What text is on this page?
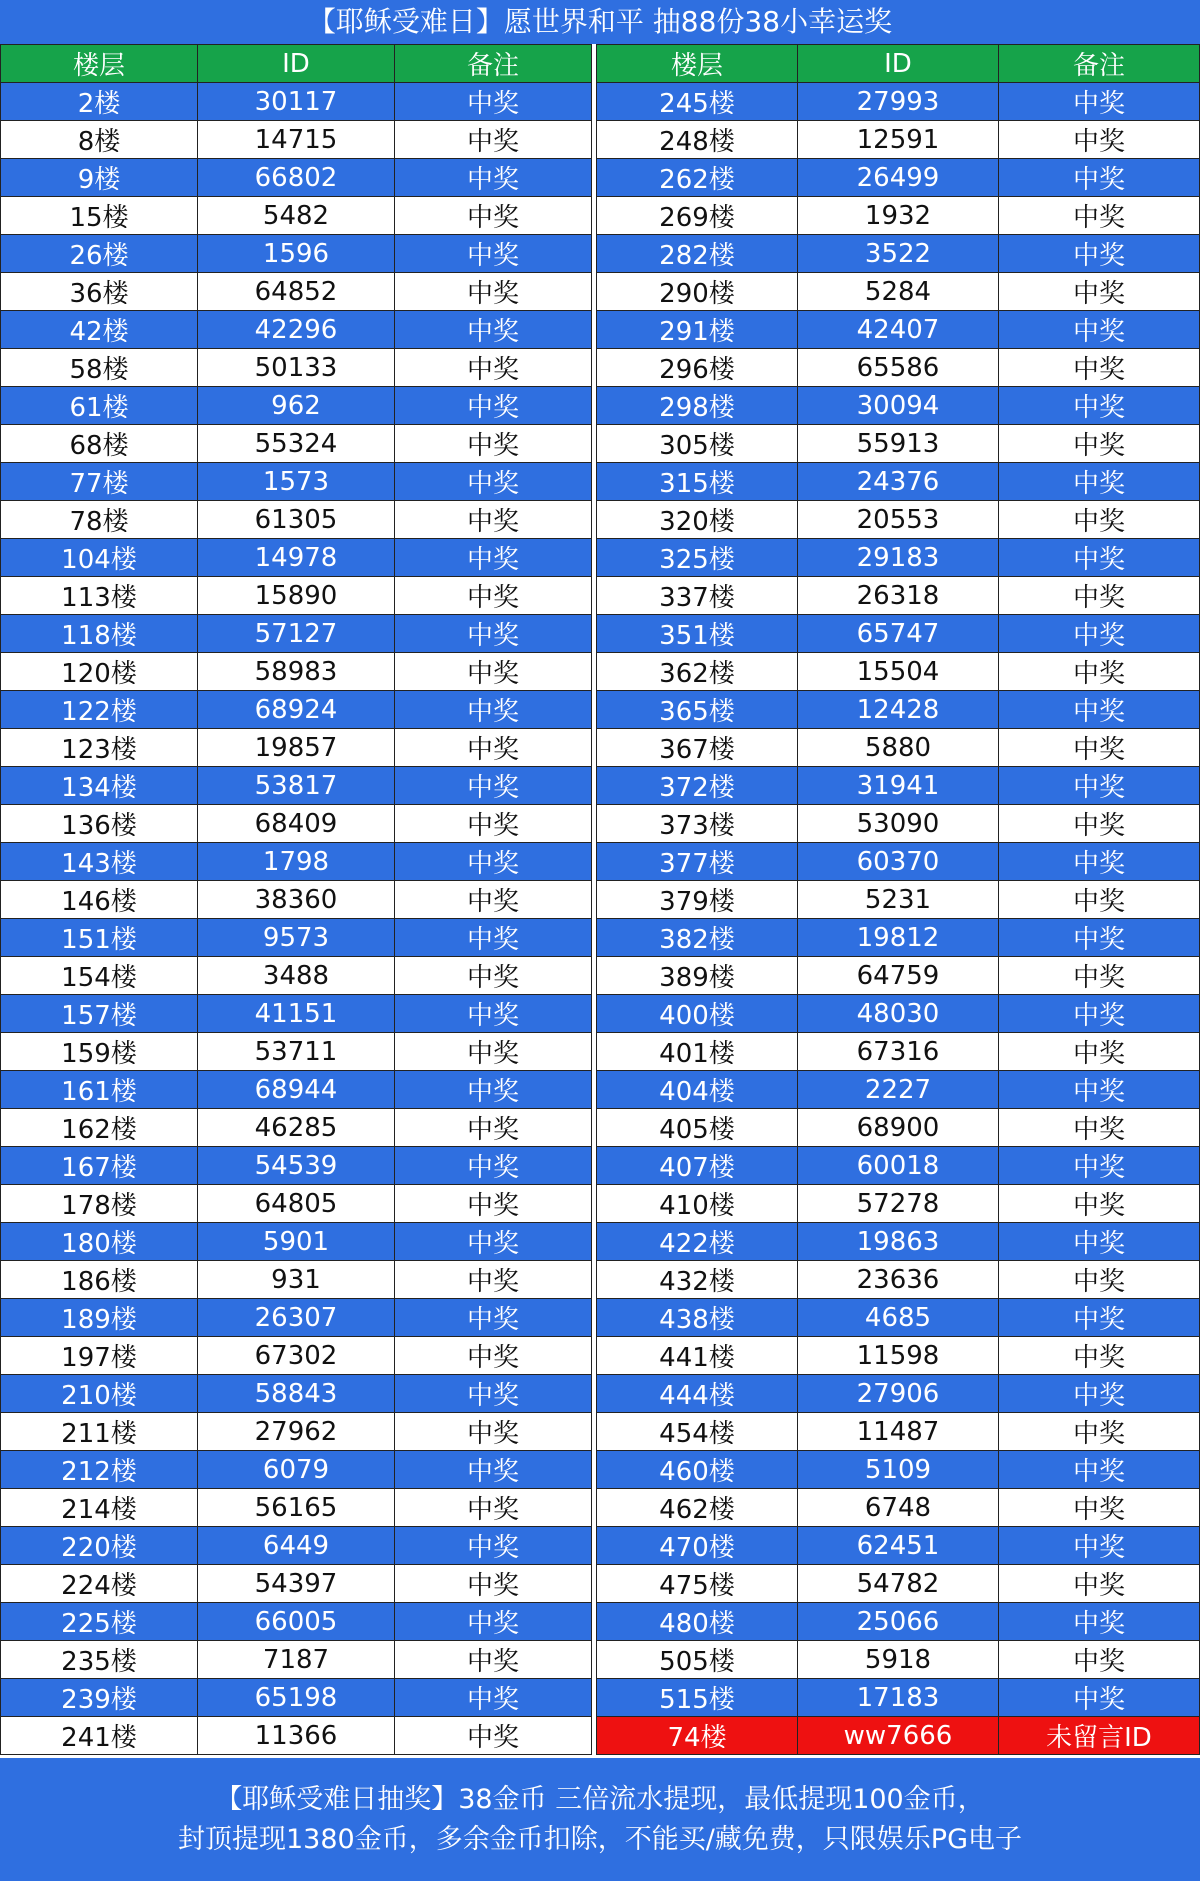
【耶稣受难日】愿世界和平 抽88份38小幸运奖
楼层	ID	备注
2楼	30117	中奖
8楼	14715	中奖
9楼	66802	中奖
15楼	5482	中奖
26楼	1596	中奖
36楼	64852	中奖
42楼	42296	中奖
58楼	50133	中奖
61楼	962	中奖
68楼	55324	中奖
77楼	1573	中奖
78楼	61305	中奖
104楼	14978	中奖
113楼	15890	中奖
118楼	57127	中奖
120楼	58983	中奖
122楼	68924	中奖
123楼	19857	中奖
134楼	53817	中奖
136楼	68409	中奖
143楼	1798	中奖
146楼	38360	中奖
151楼	9573	中奖
154楼	3488	中奖
157楼	41151	中奖
159楼	53711	中奖
161楼	68944	中奖
162楼	46285	中奖
167楼	54539	中奖
178楼	64805	中奖
180楼	5901	中奖
186楼	931	中奖
189楼	26307	中奖
197楼	67302	中奖
210楼	58843	中奖
211楼	27962	中奖
212楼	6079	中奖
214楼	56165	中奖
220楼	6449	中奖
224楼	54397	中奖
225楼	66005	中奖
235楼	7187	中奖
239楼	65198	中奖
241楼	11366	中奖
楼层	ID	备注
245楼	27993	中奖
248楼	12591	中奖
262楼	26499	中奖
269楼	1932	中奖
282楼	3522	中奖
290楼	5284	中奖
291楼	42407	中奖
296楼	65586	中奖
298楼	30094	中奖
305楼	55913	中奖
315楼	24376	中奖
320楼	20553	中奖
325楼	29183	中奖
337楼	26318	中奖
351楼	65747	中奖
362楼	15504	中奖
365楼	12428	中奖
367楼	5880	中奖
372楼	31941	中奖
373楼	53090	中奖
377楼	60370	中奖
379楼	5231	中奖
382楼	19812	中奖
389楼	64759	中奖
400楼	48030	中奖
401楼	67316	中奖
404楼	2227	中奖
405楼	68900	中奖
407楼	60018	中奖
410楼	57278	中奖
422楼	19863	中奖
432楼	23636	中奖
438楼	4685	中奖
441楼	11598	中奖
444楼	27906	中奖
454楼	11487	中奖
460楼	5109	中奖
462楼	6748	中奖
470楼	62451	中奖
475楼	54782	中奖
480楼	25066	中奖
505楼	5918	中奖
515楼	17183	中奖
74楼	ww7666	未留言ID
【耶稣受难日抽奖】38金币 三倍流水提现，最低提现100金币，
封顶提现1380金币，多余金币扣除，不能买/藏免费，只限娱乐PG电子
